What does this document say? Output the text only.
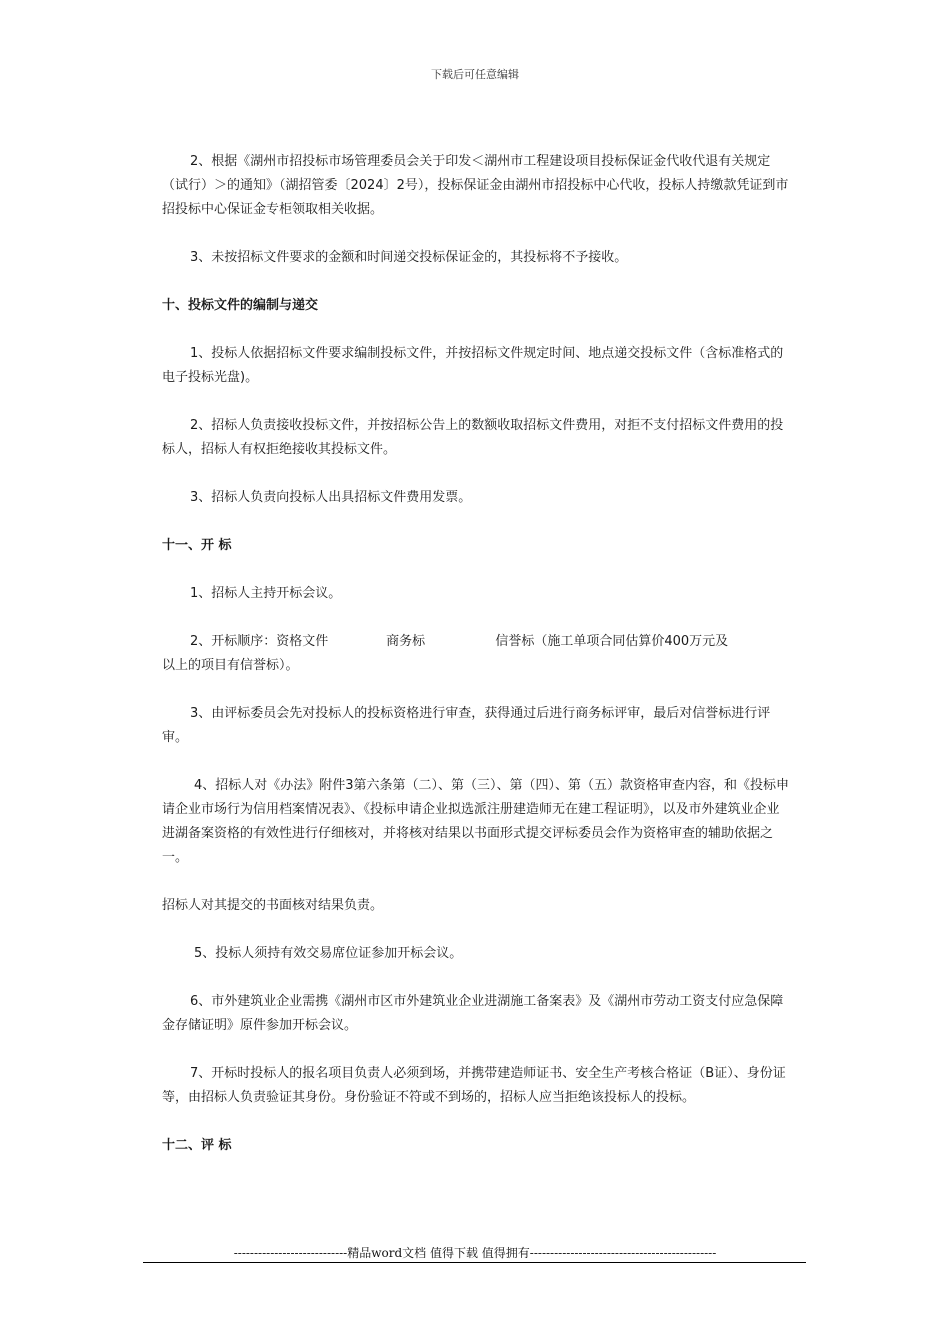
下载后可任意编辑

2、根据《湖州市招投标市场管理委员会关于印发＜湖州市工程建设项目投标保证金代收代退有关规定（试行）＞的通知》（湖招管委〔2024〕2号），投标保证金由湖州市招投标中心代收，投标人持缴款凭证到市招投标中心保证金专柜领取相关收据。

3、未按招标文件要求的金额和时间递交投标保证金的，其投标将不予接收。

十、投标文件的编制与递交

1、投标人依据招标文件要求编制投标文件，并按招标文件规定时间、地点递交投标文件（含标准格式的电子投标光盘)。

2、招标人负责接收投标文件，并按招标公告上的数额收取招标文件费用，对拒不支付招标文件费用的投标人，招标人有权拒绝接收其投标文件。

3、招标人负责向投标人出具招标文件费用发票。

十一、开 标

1、招标人主持开标会议。

2、开标顺序：资格文件              商务标                 信誉标（施工单项合同估算价400万元及
以上的项目有信誉标）。

3、由评标委员会先对投标人的投标资格进行审查，获得通过后进行商务标评审，最后对信誉标进行评审。

4、招标人对《办法》附件3第六条第（二）、第（三）、第（四）、第（五）款资格审查内容，和《投标申请企业市场行为信用档案情况表》、《投标申请企业拟选派注册建造师无在建工程证明》，以及市外建筑业企业进湖备案资格的有效性进行仔细核对，并将核对结果以书面形式提交评标委员会作为资格审查的辅助依据之一。

招标人对其提交的书面核对结果负责。

5、投标人须持有效交易席位证参加开标会议。

6、市外建筑业企业需携《湖州市区市外建筑业企业进湖施工备案表》及《湖州市劳动工资支付应急保障金存储证明》原件参加开标会议。

7、开标时投标人的报名项目负责人必须到场，并携带建造师证书、安全生产考核合格证（B证）、身份证等，由招标人负责验证其身份。身份验证不符或不到场的，招标人应当拒绝该投标人的投标。

十二、评 标

----------------------------精品word文档 值得下载 值得拥有----------------------------------------------
